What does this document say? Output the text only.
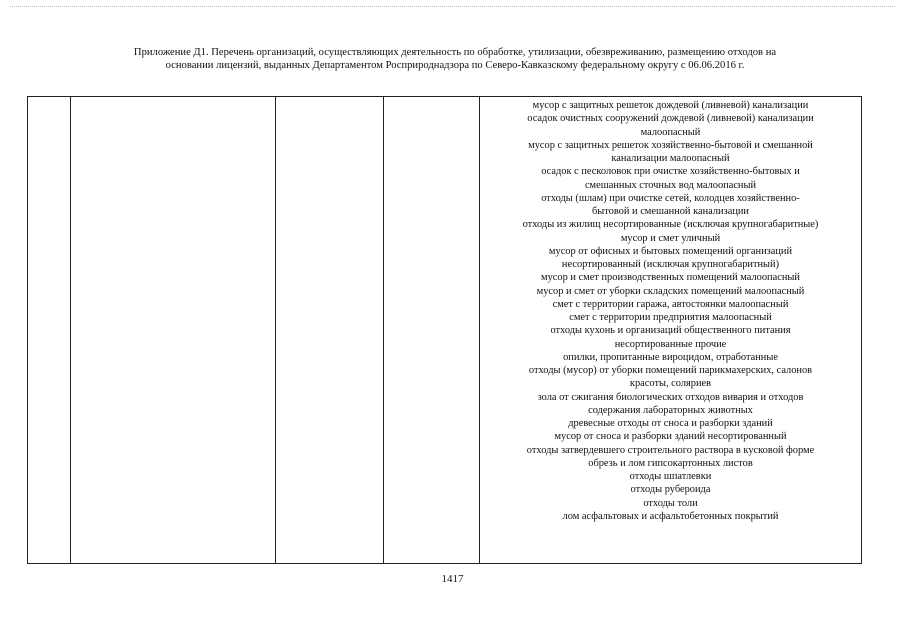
Приложение Д1. Перечень организаций, осуществляющих деятельность по обработке, утилизации, обезвреживанию, размещению отходов на
основании лицензий, выданных Департаментом Росприроднадзора по Северо-Кавказскому федеральному округу с 06.06.2016 г.
мусор с защитных решеток дождевой (ливневой) канализации
осадок очистных сооружений дождевой (ливневой) канализации
малоопасный
мусор с защитных решеток хозяйственно-бытовой и смешанной
канализации малоопасный
осадок с песколовок при очистке хозяйственно-бытовых и
смешанных сточных вод малоопасный
отходы (шлам) при очистке сетей, колодцев хозяйственно-
бытовой и смешанной канализации
отходы из жилищ несортированные (исключая крупногабаритные)
мусор и смет уличный
мусор от офисных и бытовых помещений организаций
несортированный (исключая крупногабаритный)
мусор и смет производственных помещений малоопасный
мусор и смет от уборки складских помещений малоопасный
смет с территории гаража, автостоянки малоопасный
смет с территории предприятия малоопасный
отходы кухонь и организаций общественного питания
несортированные прочие
опилки, пропитанные вироцидом, отработанные
отходы (мусор) от уборки помещений парикмахерских, салонов
красоты, соляриев
зола от сжигания биологических отходов вивария и отходов
содержания лабораторных животных
древесные отходы от сноса и разборки зданий
мусор от сноса и разборки зданий несортированный
отходы затвердевшего строительного раствора в кусковой форме
обрезь и лом гипсокартонных листов
отходы шпатлевки
отходы рубероида
отходы толи
лом асфальтовых и асфальтобетонных покрытий
1417
